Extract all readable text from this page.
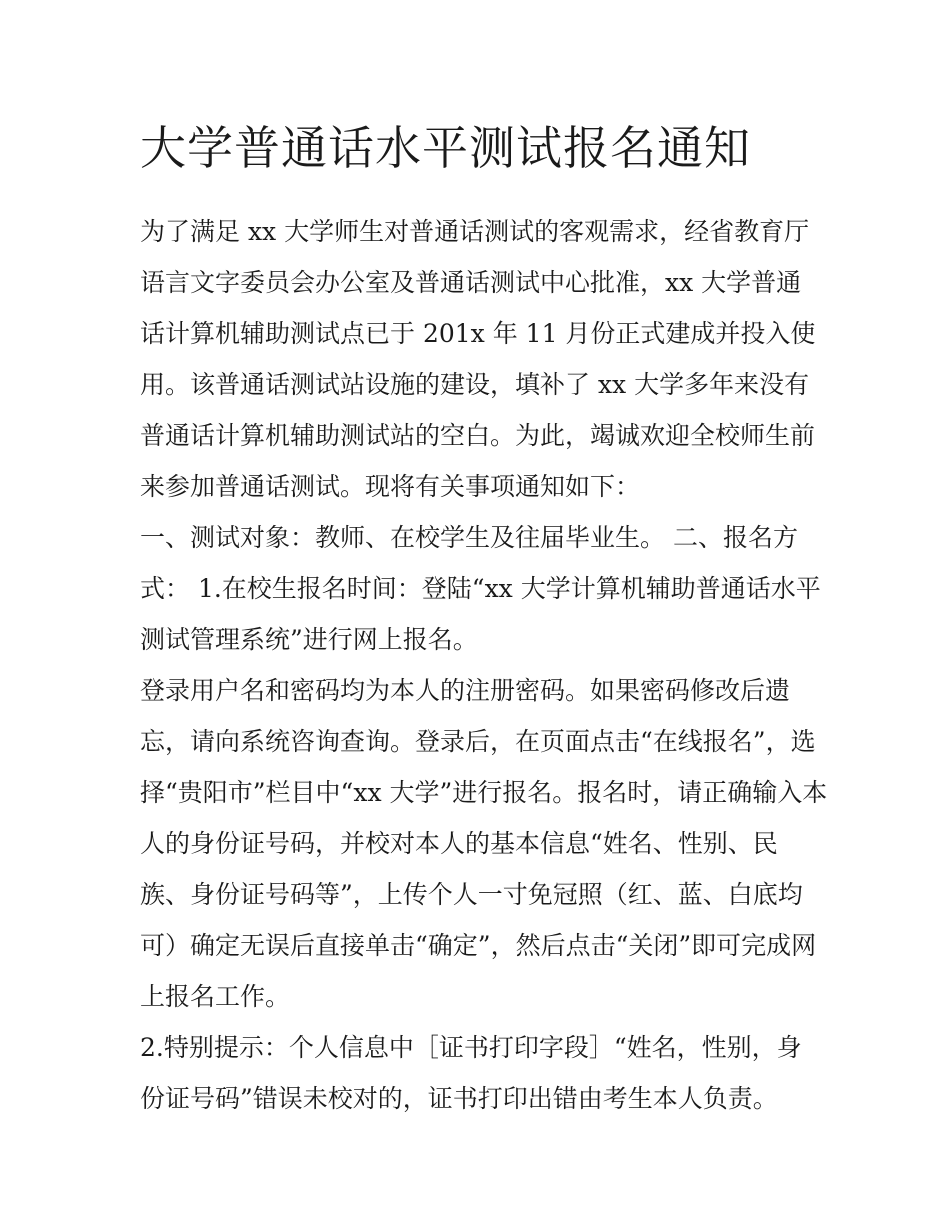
大学普通话水平测试报名通知

为了满足 xx 大学师生对普通话测试的客观需求，经省教育厅
语言文字委员会办公室及普通话测试中心批准，xx 大学普通
话计算机辅助测试点已于 201x 年 11 月份正式建成并投入使
用。该普通话测试站设施的建设，填补了 xx 大学多年来没有
普通话计算机辅助测试站的空白。为此，竭诚欢迎全校师生前
来参加普通话测试。现将有关事项通知如下：

一、测试对象：教师、在校学生及往届毕业生。 二、报名方
式： 1.在校生报名时间：登陆“xx 大学计算机辅助普通话水平
测试管理系统”进行网上报名。

登录用户名和密码均为本人的注册密码。如果密码修改后遗
忘，请向系统咨询查询。登录后，在页面点击“在线报名”，选
择“贵阳市”栏目中“xx 大学”进行报名。报名时，请正确输入本
人的身份证号码，并校对本人的基本信息“姓名、性别、民
族、身份证号码等”，上传个人一寸免冠照（红、蓝、白底均
可）确定无误后直接单击“确定”，然后点击“关闭”即可完成网
上报名工作。

2.特别提示：个人信息中［证书打印字段］“姓名，性别，身
份证号码”错误未校对的，证书打印出错由考生本人负责。
